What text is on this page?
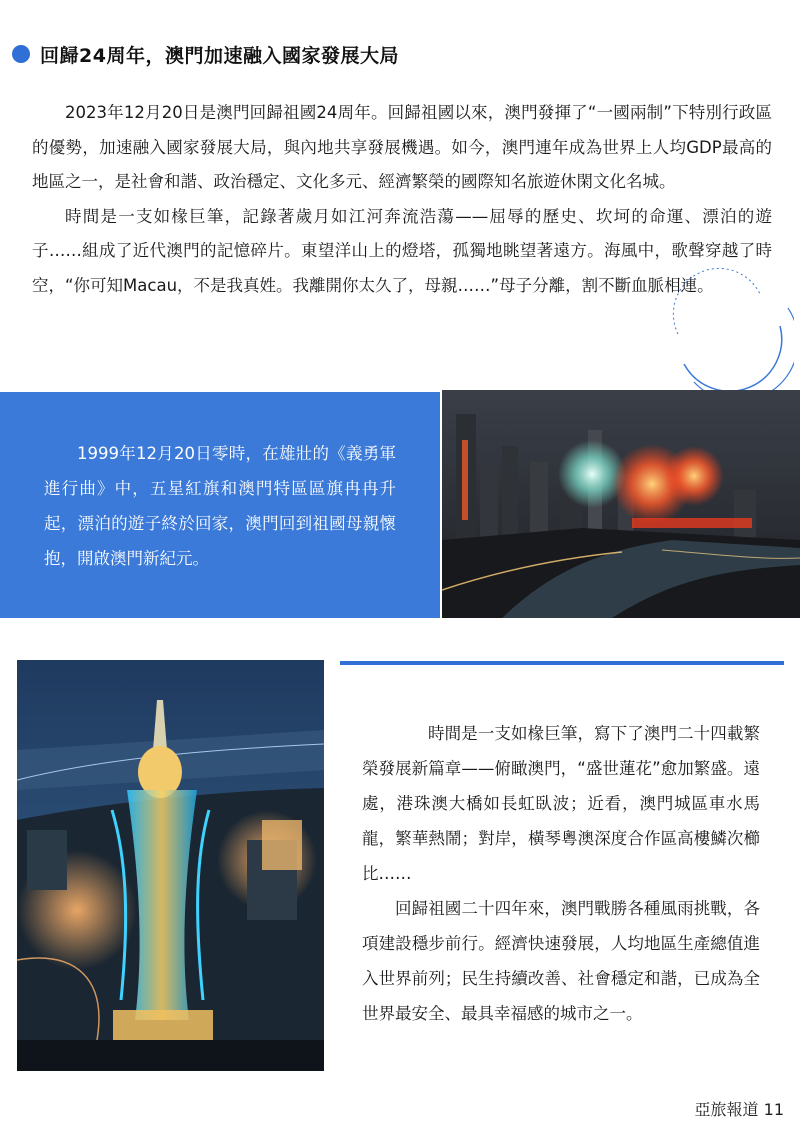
回歸24周年，澳門加速融入國家發展大局

2023年12月20日是澳門回歸祖國24周年。回歸祖國以來，澳門發揮了“一國兩制”下特別行政區的優勢，加速融入國家發展大局，與內地共享發展機遇。如今，澳門連年成為世界上人均GDP最高的地區之一，是社會和諧、政治穩定、文化多元、經濟繁榮的國際知名旅遊休閑文化名城。

時間是一支如椽巨筆，記錄著歲月如江河奔流浩蕩——屈辱的歷史、坎坷的命運、漂泊的遊子……組成了近代澳門的記憶碎片。東望洋山上的燈塔，孤獨地眺望著遠方。海風中，歌聲穿越了時空，“你可知Macau，不是我真姓。我離開你太久了，母親……”母子分離，割不斷血脈相連。

1999年12月20日零時，在雄壯的《義勇軍進行曲》中，五星紅旗和澳門特區區旗冉冉升起，漂泊的遊子終於回家，澳門回到祖國母親懷抱，開啟澳門新紀元。

時間是一支如椽巨筆，寫下了澳門二十四載繁榮發展新篇章——俯瞰澳門，“盛世蓮花”愈加繁盛。遠處，港珠澳大橋如長虹臥波；近看，澳門城區車水馬龍，繁華熱鬧；對岸，橫琴粵澳深度合作區高樓鱗次櫛比……

回歸祖國二十四年來，澳門戰勝各種風雨挑戰，各項建設穩步前行。經濟快速發展，人均地區生產總值進入世界前列；民生持續改善、社會穩定和諧，已成為全世界最安全、最具幸福感的城市之一。

亞旅報道 11
